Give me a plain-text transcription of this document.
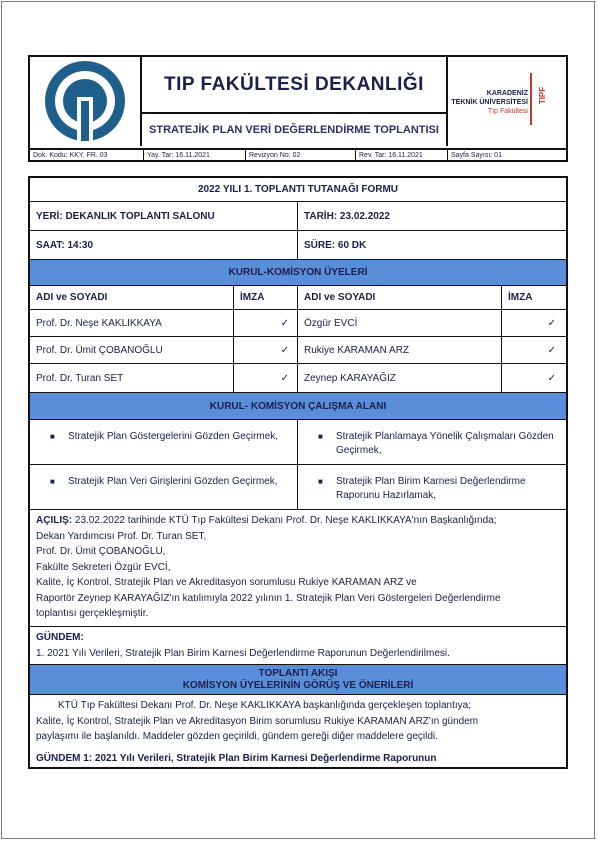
TIP FAKÜLTESİ DEKANLIĞI
STRATEJİK PLAN VERİ DEĞERLENDİRME TOPLANTISI
KARADENİZ
TEKNİK ÜNİVERSİTESİ
Tıp Fakültesi
TIPF
Dok. Kodu: KKY. FR. 03	Yay. Tar: 16.11.2021	Revizyon No: 02	Rev. Tar: 16.11.2021	Sayfa Sayısı: 01
2022 YILI 1. TOPLANTI TUTANAĞI FORMU
YERİ: DEKANLIK TOPLANTI SALONU	TARİH: 23.02.2022
SAAT: 14:30	SÜRE: 60 DK
KURUL-KOMİSYON ÜYELERİ
ADI ve SOYADI	İMZA	ADI ve SOYADI	İMZA
Prof. Dr. Neşe KAKLIKKAYA	✓	Özgür EVCİ	✓
Prof. Dr. Ümit ÇOBANOĞLU	✓	Rukiye KARAMAN ARZ	✓
Prof. Dr. Turan SET	✓	Zeynep KARAYAĞIZ	✓
KURUL- KOMİSYON ÇALIŞMA ALANI
■	Stratejik Plan Göstergelerini Gözden Geçirmek,	■	Stratejik Planlamaya Yönelik Çalışmaları Gözden Geçirmek,
■	Stratejik Plan Veri Girişlerini Gözden Geçirmek,	■	Stratejik Plan Birim Karnesi Değerlendirme Raporunu Hazırlamak,
AÇILIŞ: 23.02.2022 tarihinde KTÜ Tıp Fakültesi Dekanı Prof. Dr. Neşe KAKLIKKAYA'nın Başkanlığında;
Dekan Yardımcısı Prof. Dr. Turan SET,
Prof. Dr. Ümit ÇOBANOĞLU,
Fakülte Sekreteri Özgür EVCİ,
Kalite, İç Kontrol, Stratejik Plan ve Akreditasyon sorumlusu Rukiye KARAMAN ARZ ve
Raportör Zeynep KARAYAĞIZ'ın katılımıyla 2022 yılının 1. Stratejik Plan Veri Göstergeleri Değerlendirme
toplantısı gerçekleşmiştir.
GÜNDEM:
1. 2021 Yılı Verileri, Stratejik Plan Birim Karnesi Değerlendirme Raporunun Değerlendirilmesi.
TOPLANTI AKIŞI
KOMİSYON ÜYELERİNİN GÖRÜŞ VE ÖNERİLERİ
KTÜ Tıp Fakültesi Dekanı Prof. Dr. Neşe KAKLIKKAYA başkanlığında gerçekleşen toplantıya;
Kalite, İç Kontrol, Stratejik Plan ve Akreditasyon Birim sorumlusu Rukiye KARAMAN ARZ'ın gündem
paylaşımı ile başlanıldı. Maddeler gözden geçirildi, gündem gereği diğer maddelere geçildi.
GÜNDEM 1: 2021 Yılı Verileri, Stratejik Plan Birim Karnesi Değerlendirme Raporunun
